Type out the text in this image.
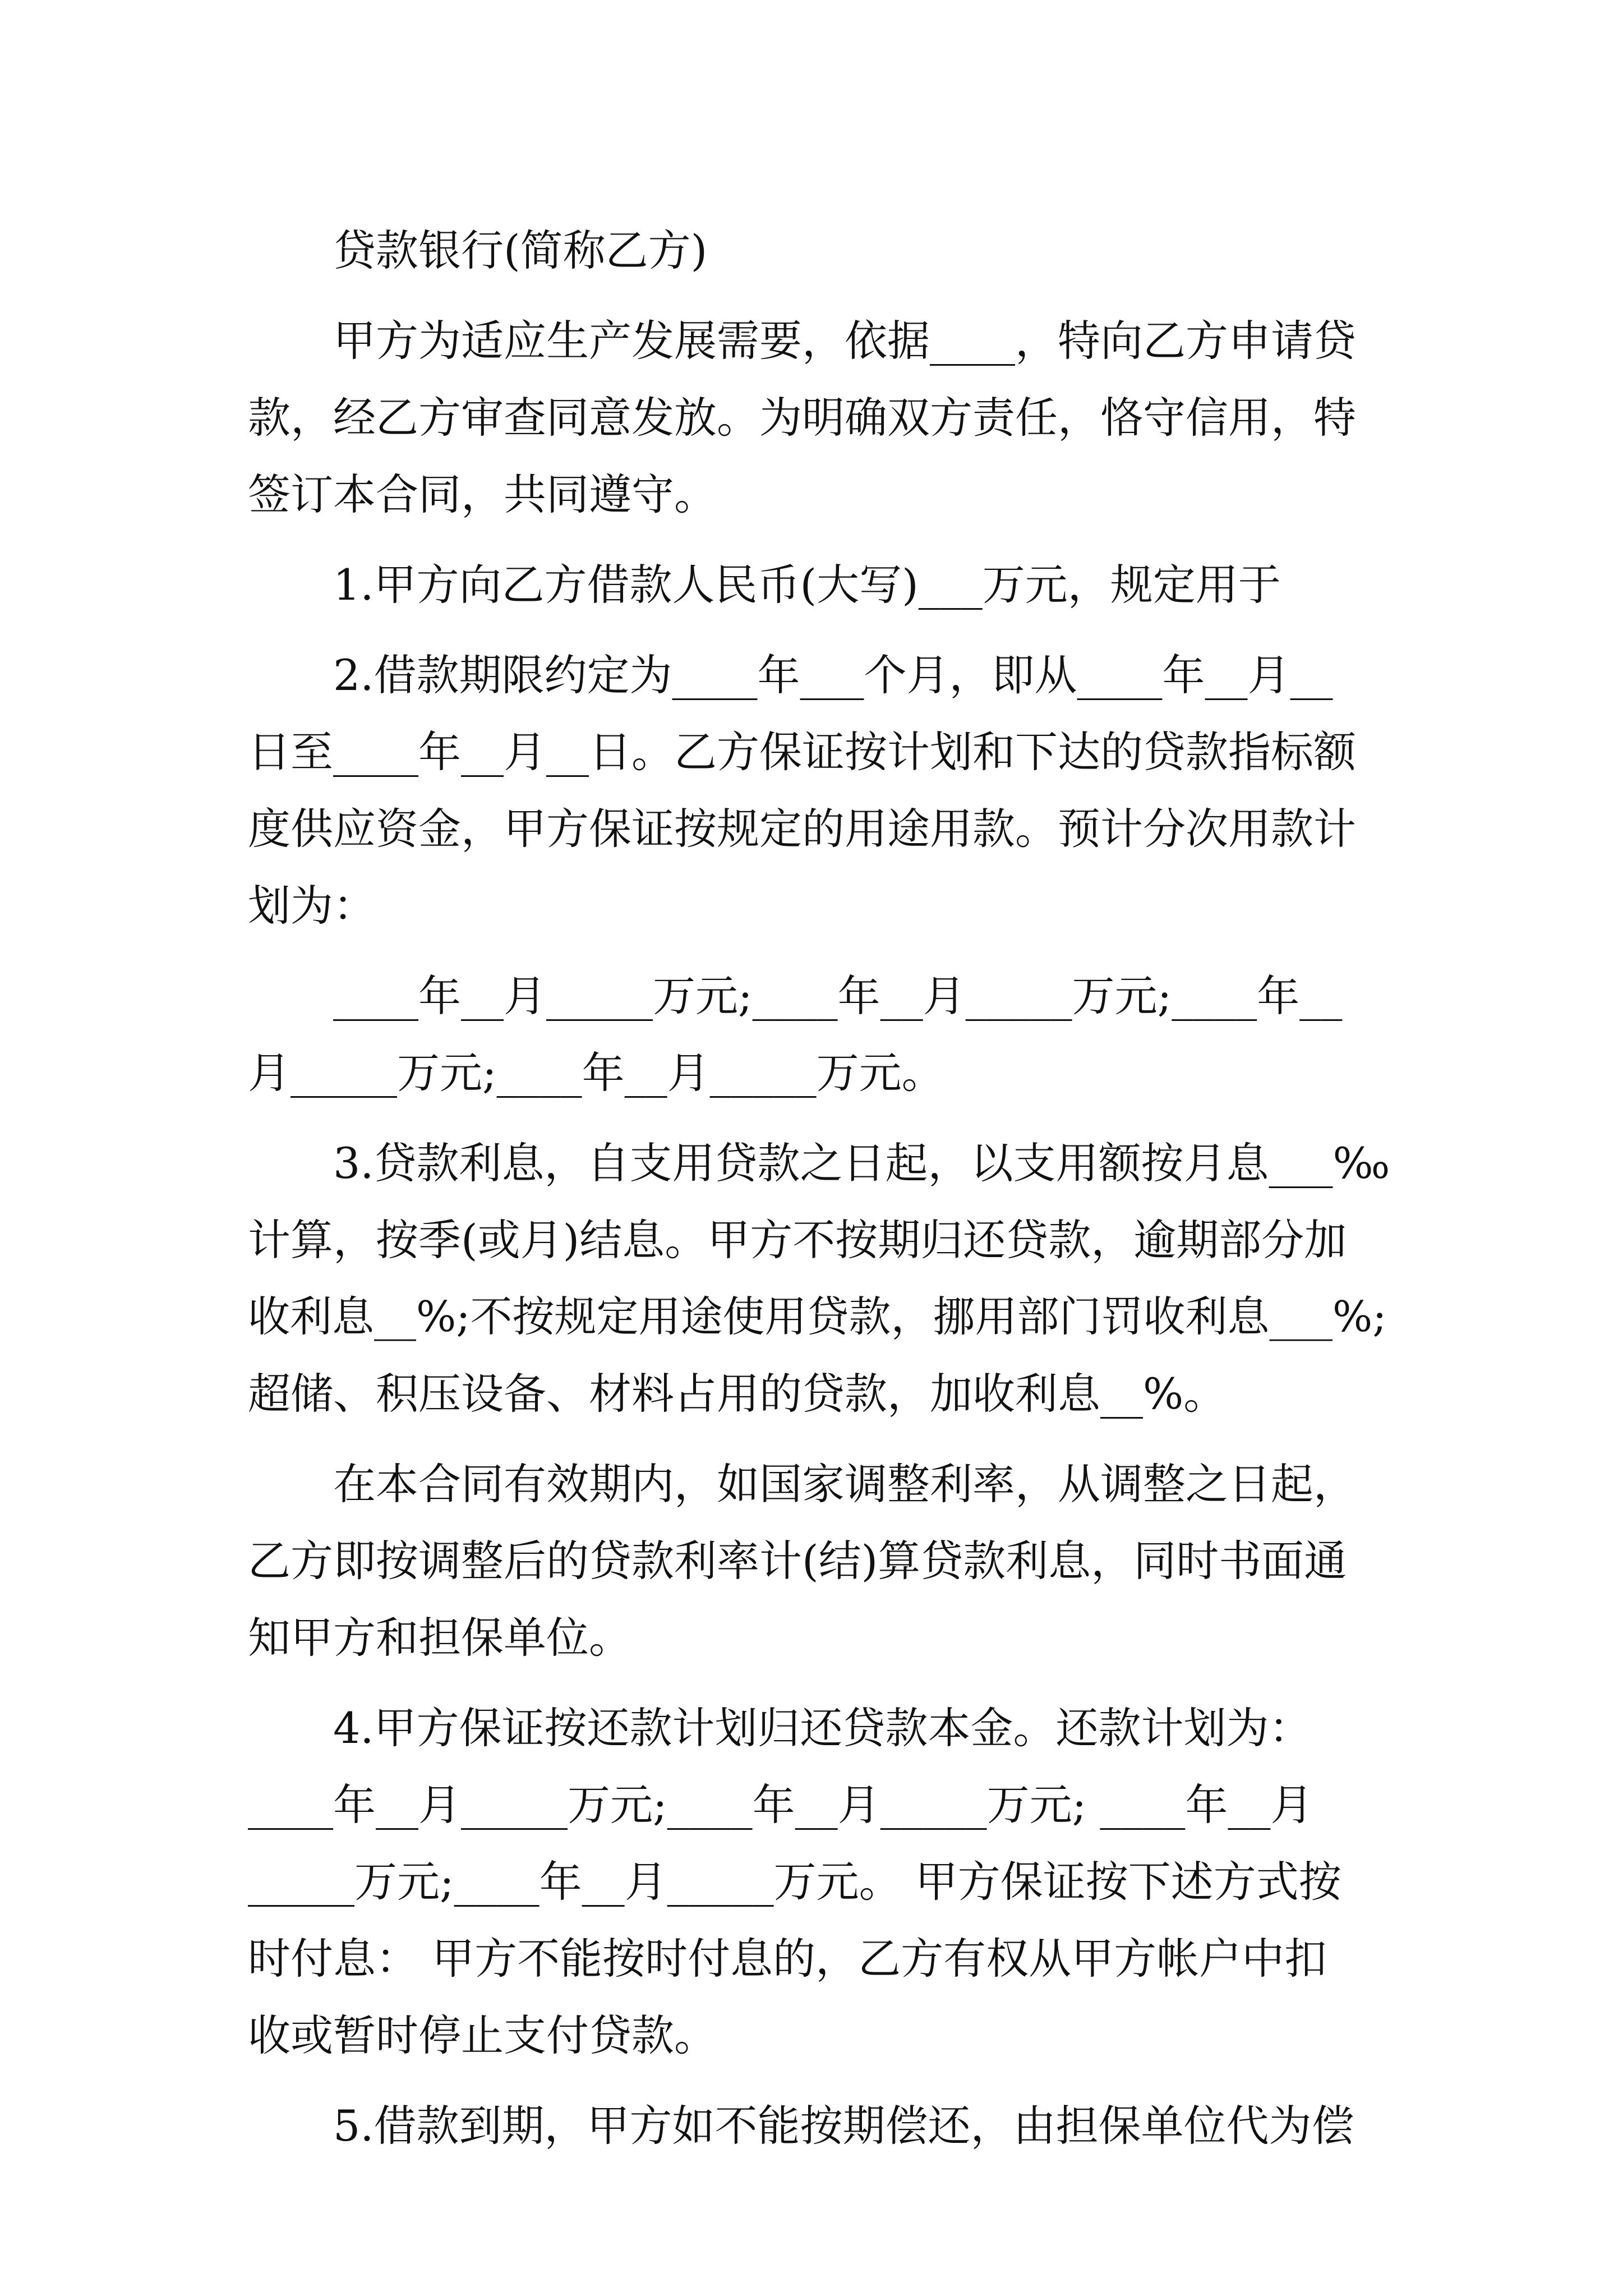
贷款银行(简称乙方)
甲方为适应生产发展需要，依据____，特向乙方申请贷
款，经乙方审查同意发放。为明确双方责任，恪守信用，特
签订本合同，共同遵守。
1.甲方向乙方借款人民币(大写)___万元，规定用于
2.借款期限约定为____年___个月，即从____年__月__
日至____年__月__日。乙方保证按计划和下达的贷款指标额
度供应资金，甲方保证按规定的用途用款。预计分次用款计
划为：
____年__月_____万元;____年__月_____万元;____年__
月_____万元;____年__月_____万元。
3.贷款利息，自支用贷款之日起，以支用额按月息___‰
计算，按季(或月)结息。甲方不按期归还贷款，逾期部分加
收利息__%;不按规定用途使用贷款，挪用部门罚收利息___%;
超储、积压设备、材料占用的贷款，加收利息__%。
在本合同有效期内，如国家调整利率，从调整之日起，
乙方即按调整后的贷款利率计(结)算贷款利息，同时书面通
知甲方和担保单位。
4.甲方保证按还款计划归还贷款本金。还款计划为：
____年__月_____万元;____年__月_____万元; ____年__月
_____万元;____年__月_____万元。 甲方保证按下述方式按
时付息： 甲方不能按时付息的，乙方有权从甲方帐户中扣
收或暂时停止支付贷款。
5.借款到期，甲方如不能按期偿还，由担保单位代为偿
